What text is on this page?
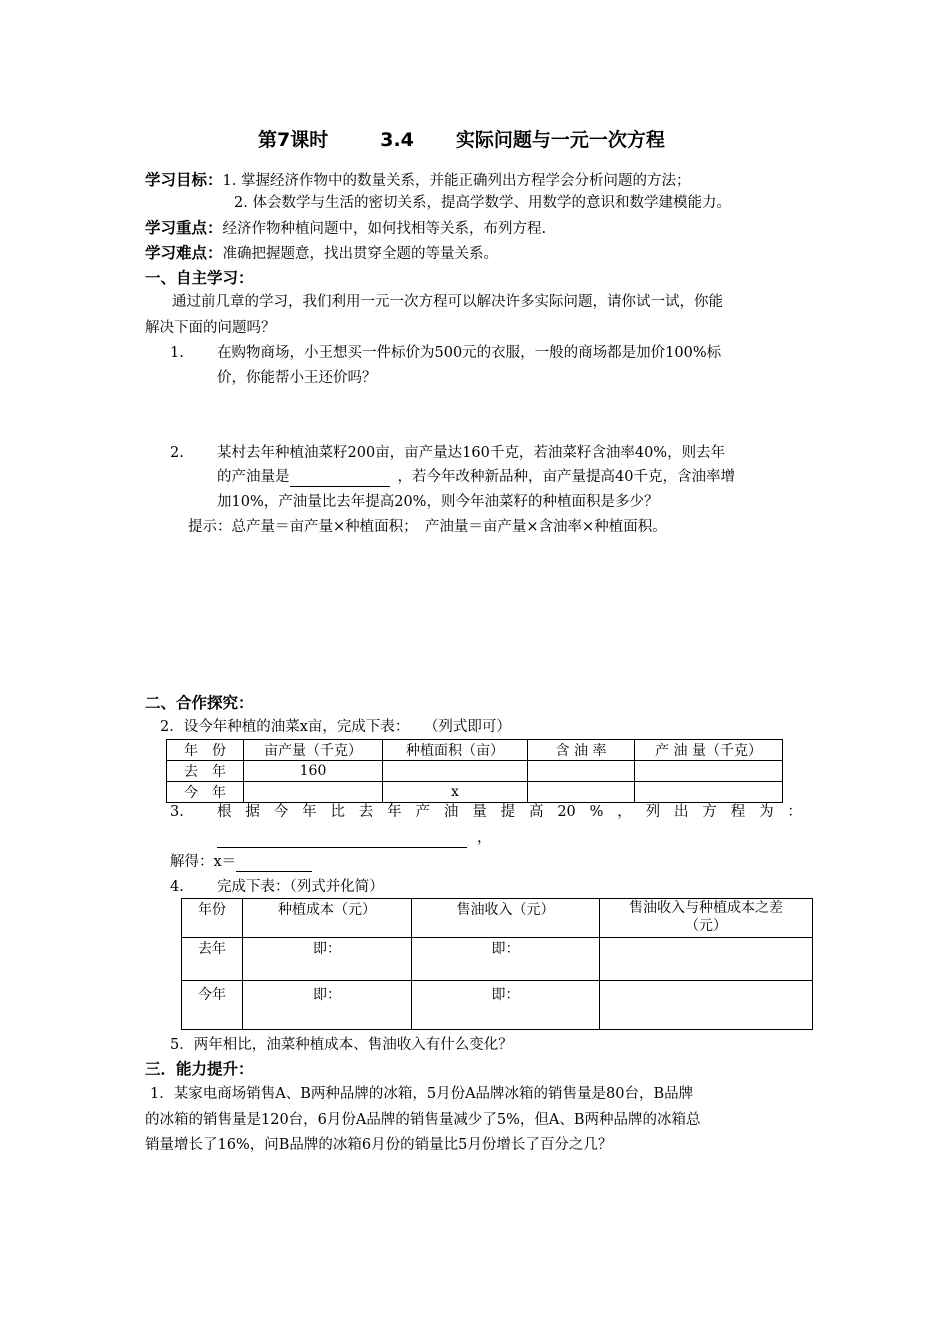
第7课时	3.4 实际问题与一元一次方程
学习目标：1. 掌握经济作物中的数量关系，并能正确列出方程学会分析问题的方法；
2. 体会数学与生活的密切关系，提高学数学、用数学的意识和数学建模能力。
学习重点：经济作物种植问题中，如何找相等关系，布列方程.
学习难点：准确把握题意，找出贯穿全题的等量关系。
一、自主学习：
通过前几章的学习，我们利用一元一次方程可以解决许多实际问题，请你试一试，你能
解决下面的问题吗？
1. 在购物商场，小王想买一件标价为500元的衣服，一般的商场都是加价100%标
价，你能帮小王还价吗？
2. 某村去年种植油菜籽200亩，亩产量达160千克，若油菜籽含油率40%，则去年
的产油量是	，若今年改种新品种，亩产量提高40千克，含油率增
加10%，产油量比去年提高20%，则今年油菜籽的种植面积是多少？
提示：总产量＝亩产量×种植面积；　产油量＝亩产量×含油率×种植面积。
二、合作探究：
2．设今年种植的油菜x亩，完成下表：　　（列式即可）
年　份	亩产量（千克）	种植面积（亩）	含 油 率	产 油 量（千克）
去　年	160			
今　年		x		
3. 根 据 今 年 比 去 年 产 油 量 提 高 20 % ， 列 出 方 程 为 ：
，
解得：x＝
4. 完成下表：（列式并化简）
年份	种植成本（元）	售油收入（元）	售油收入与种植成本之差（元）
去年	即：	即：	
今年	即：	即：	
5．两年相比，油菜种植成本、售油收入有什么变化？
三．能力提升：
1．某家电商场销售A、B两种品牌的冰箱，5月份A品牌冰箱的销售量是80台，B品牌
的冰箱的销售量是120台，6月份A品牌的销售量减少了5%，但A、B两种品牌的冰箱总
销量增长了16%，问B品牌的冰箱6月份的销量比5月份增长了百分之几？
